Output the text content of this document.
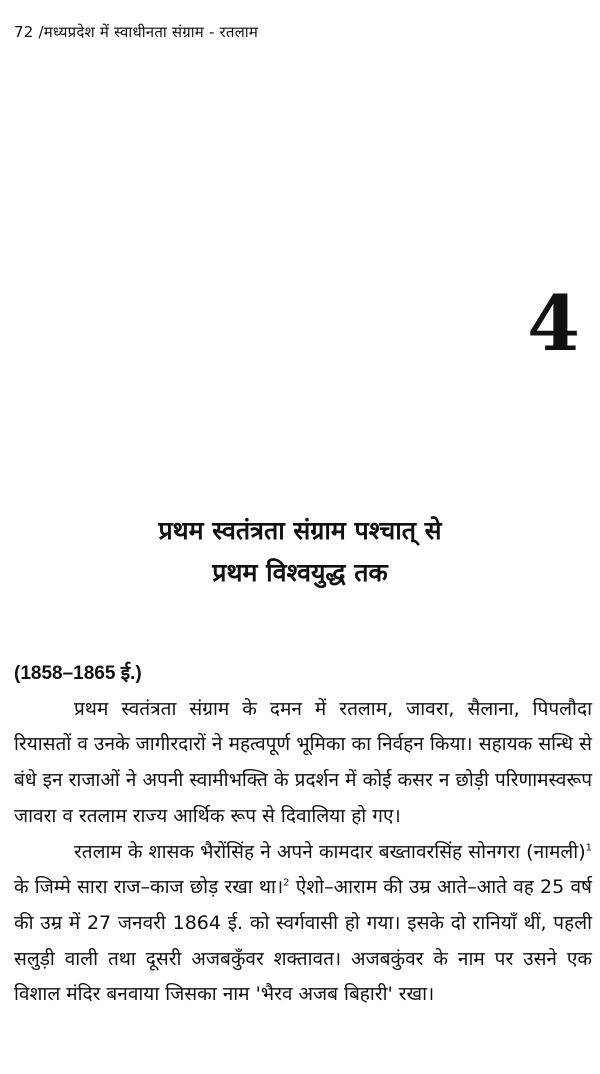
72 /मध्यप्रदेश में स्वाधीनता संग्राम - रतलाम
4
प्रथम स्वतंत्रता संग्राम पश्चात् से
प्रथम विश्वयुद्ध तक
(1858–1865 ई.)

प्रथम स्वतंत्रता संग्राम के दमन में रतलाम, जावरा, सैलाना, पिपलौदा रियासतों व उनके जागीरदारों ने महत्वपूर्ण भूमिका का निर्वहन किया। सहायक सन्धि से बंधे इन राजाओं ने अपनी स्वामीभक्ति के प्रदर्शन में कोई कसर न छोड़ी परिणामस्वरूप जावरा व रतलाम राज्य आर्थिक रूप से दिवालिया हो गए।

रतलाम के शासक भैरोंसिंह ने अपने कामदार बख्तावरसिंह सोनगरा (नामली)$^1$ के जिम्मे सारा राज–काज छोड़ रखा था।$^2$ ऐशो–आराम की उम्र आते–आते वह 25 वर्ष की उम्र में 27 जनवरी 1864 ई. को स्वर्गवासी हो गया। इसके दो रानियाँ थीं, पहली सलुड़ी वाली तथा दूसरी अजबकुँवर शक्तावत। अजबकुंवर के नाम पर उसने एक विशाल मंदिर बनवाया जिसका नाम 'भैरव अजब बिहारी' रखा।
